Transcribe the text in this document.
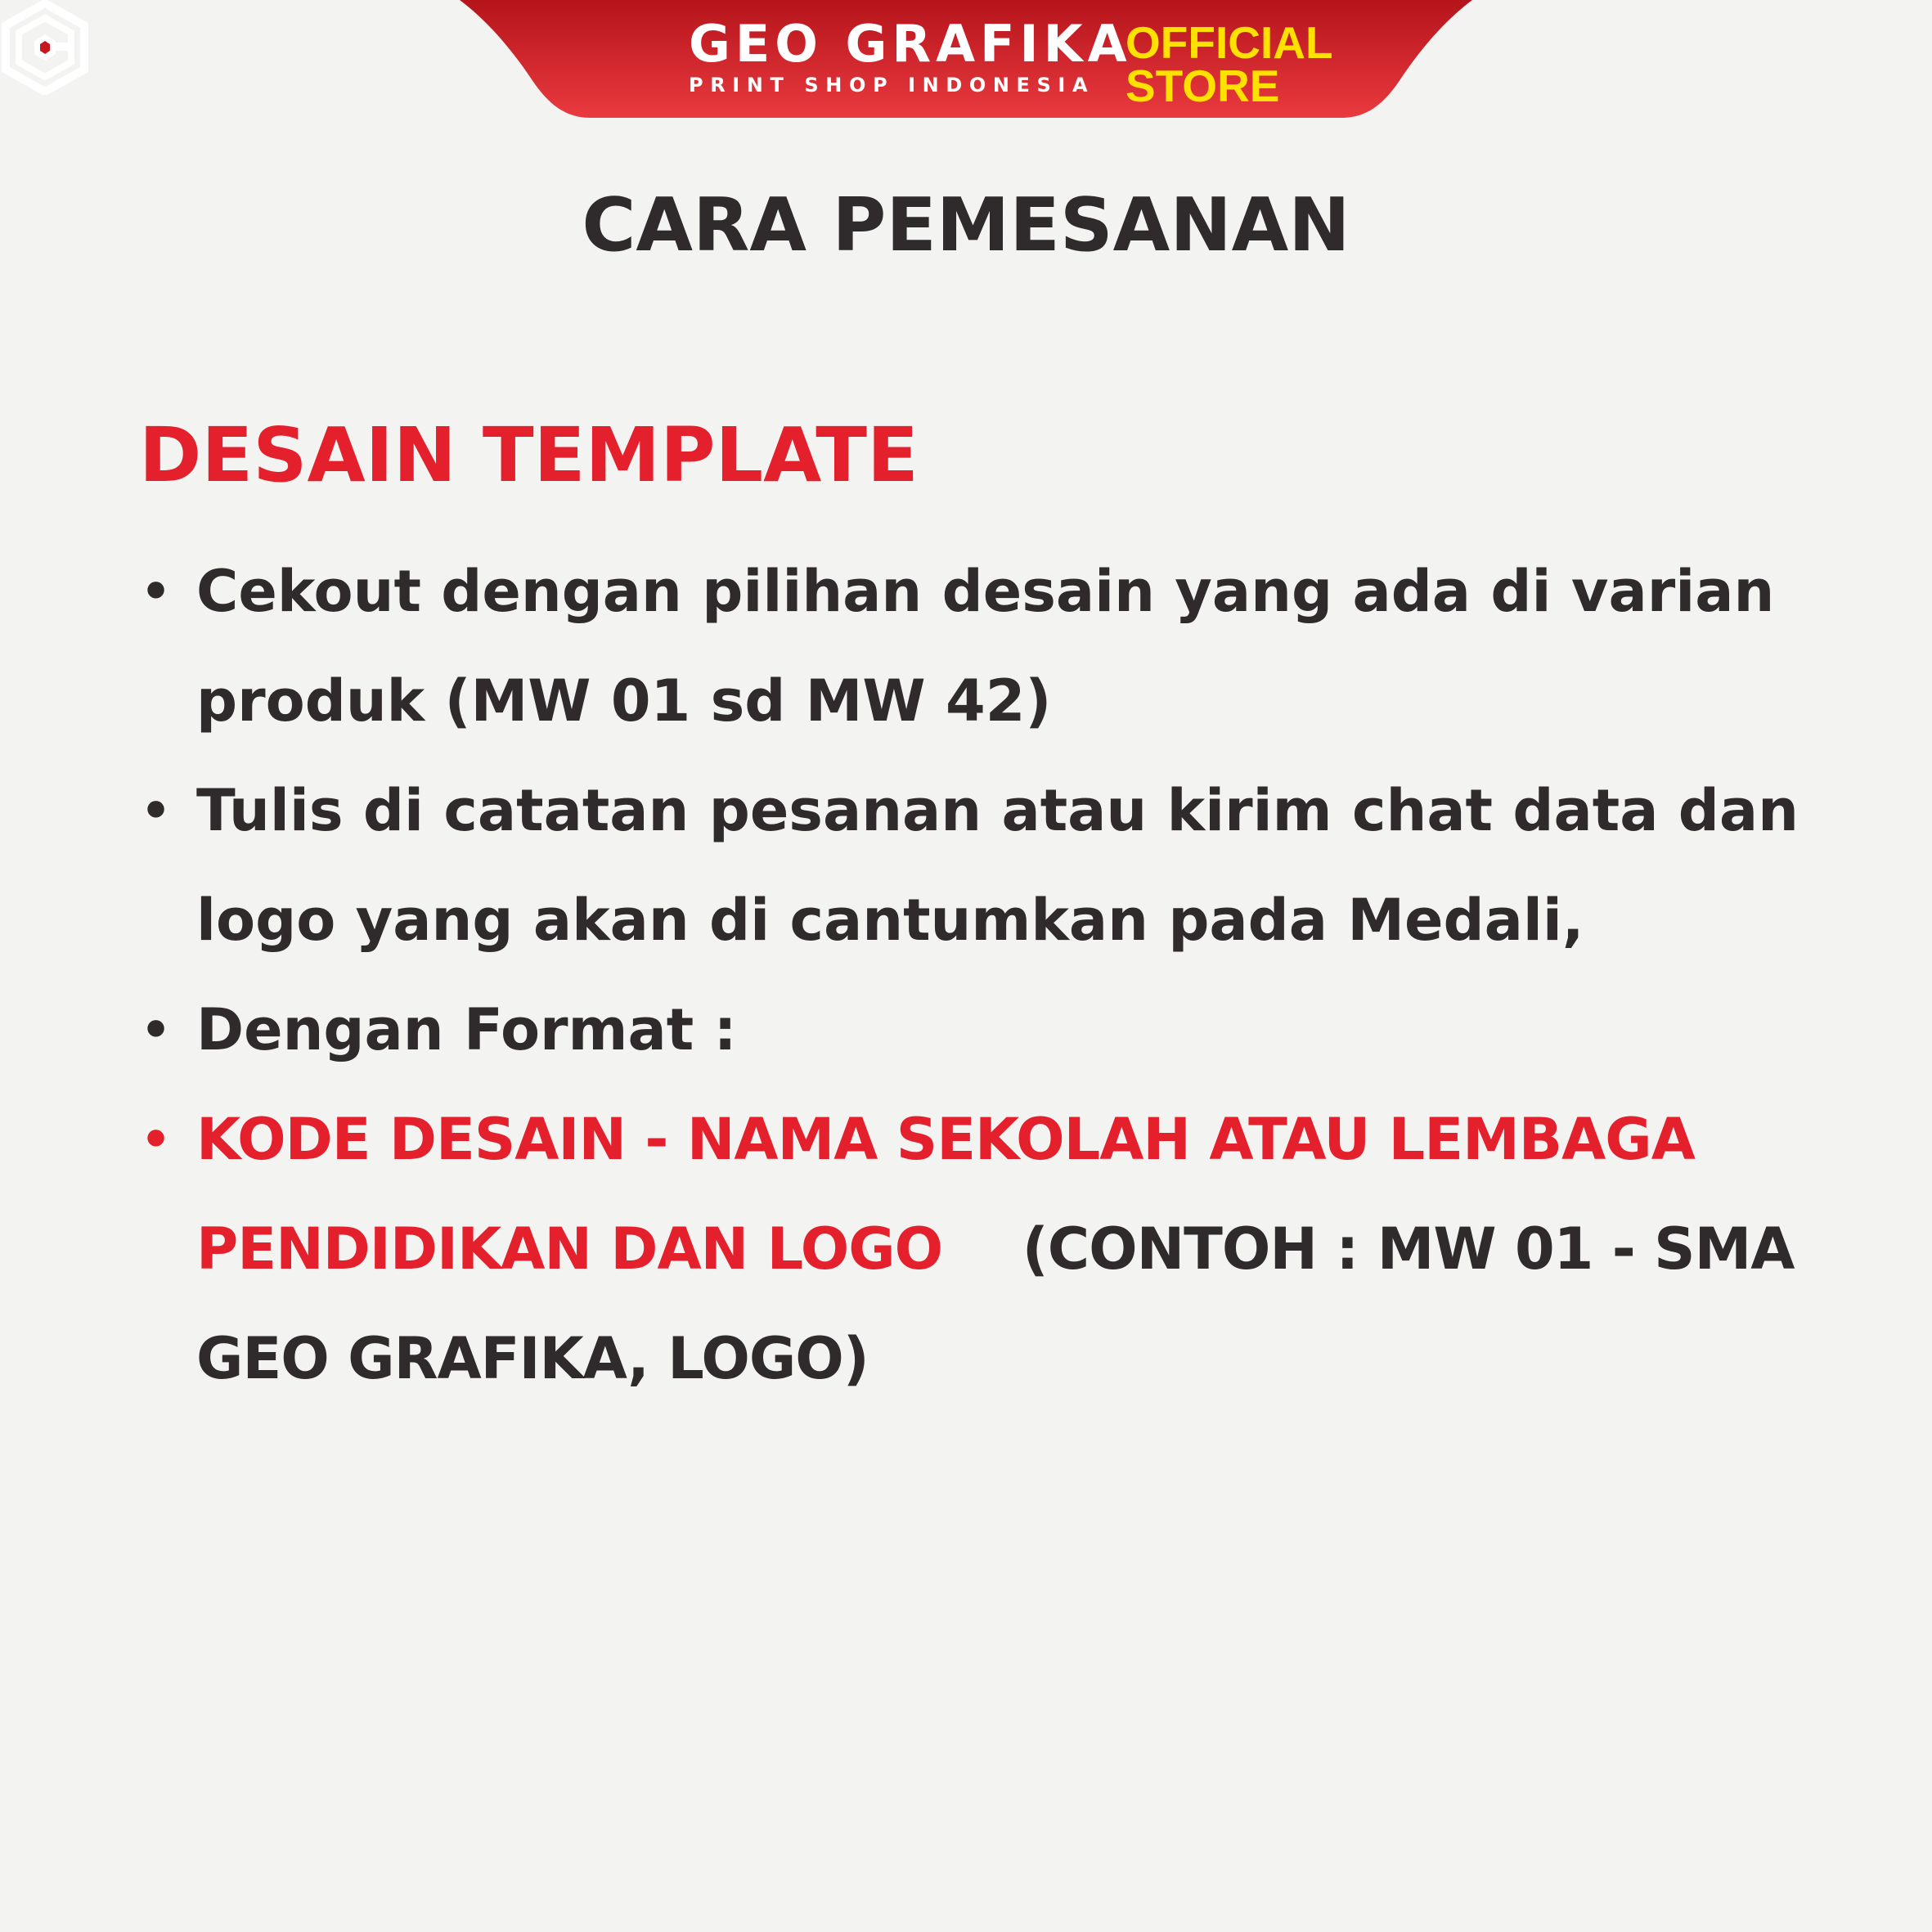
GEO GRAFIKA
PRINT SHOP INDONESIA
OFFICIAL
STORE
CARA PEMESANAN
DESAIN TEMPLATE
• Cekout dengan pilihan desain yang ada di varian produk (MW 01 sd MW 42)
• Tulis di catatan pesanan atau kirim chat data dan logo yang akan di cantumkan pada Medali,
• Dengan Format :
• KODE DESAIN - NAMA SEKOLAH ATAU LEMBAGA PENDIDIKAN DAN LOGO (CONTOH : MW 01 - SMA GEO GRAFIKA, LOGO)
